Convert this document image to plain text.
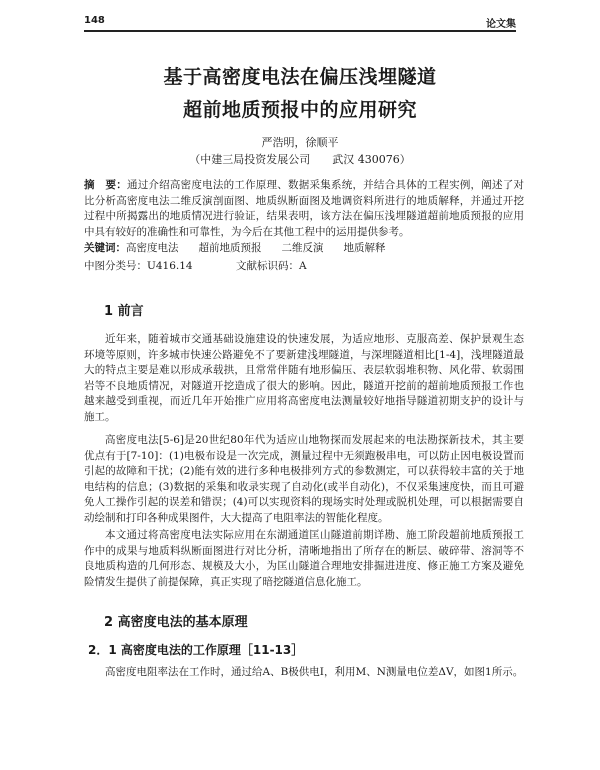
148	论文集
基于高密度电法在偏压浅埋隧道
超前地质预报中的应用研究
严浩明，徐顺平
（中建三局投资发展公司　　武汉 430076）
摘　要：通过介绍高密度电法的工作原理、数据采集系统，并结合具体的工程实例，阐述了对比分析高密度电法二维反演剖面图、地质纵断面图及地调资料所进行的地质解释，并通过开挖过程中所揭露出的地质情况进行验证，结果表明，该方法在偏压浅埋隧道超前地质预报的应用中具有较好的准确性和可靠性，为今后在其他工程中的运用提供参考。
关键词：高密度电法 超前地质预报 二维反演 地质解释
中图分类号：U416.14	文献标识码：A
1 前言
近年来，随着城市交通基础设施建设的快速发展，为适应地形、克服高差、保护景观生态环境等原则，许多城市快速公路避免不了要新建浅埋隧道，与深埋隧道相比[1-4]，浅埋隧道最大的特点主要是难以形成承载拱，且常常伴随有地形偏压、表层软弱堆积物、风化带、软弱围岩等不良地质情况，对隧道开挖造成了很大的影响。因此，隧道开挖前的超前地质预报工作也越来越受到重视，而近几年开始推广应用将高密度电法测量较好地指导隧道初期支护的设计与施工。
高密度电法[5-6]是20世纪80年代为适应山地物探而发展起来的电法勘探新技术，其主要优点有于[7-10]：(1)电极布设是一次完成，测量过程中无须跑极串电，可以防止因电极设置而引起的故障和干扰；(2)能有效的进行多种电极排列方式的参数测定，可以获得较丰富的关于地电结构的信息；(3)数据的采集和收录实现了自动化(或半自动化)，不仅采集速度快，而且可避免人工操作引起的误差和错误；(4)可以实现资料的现场实时处理或脱机处理，可以根据需要自动绘制和打印各种成果图件，大大提高了电阻率法的智能化程度。
本文通过将高密度电法实际应用在东湖通道匡山隧道前期详勘、施工阶段超前地质预报工作中的成果与地质料纵断面图进行对比分析，清晰地指出了所存在的断层、破碎带、溶洞等不良地质构造的几何形态、规模及大小，为匡山隧道合理地安排掘进进度、修正施工方案及避免险情发生提供了前提保障，真正实现了暗挖隧道信息化施工。
2 高密度电法的基本原理
2．1 高密度电法的工作原理［11-13］
高密度电阻率法在工作时，通过给A、B极供电I，利用M、N测量电位差ΔV，如图1所示。
